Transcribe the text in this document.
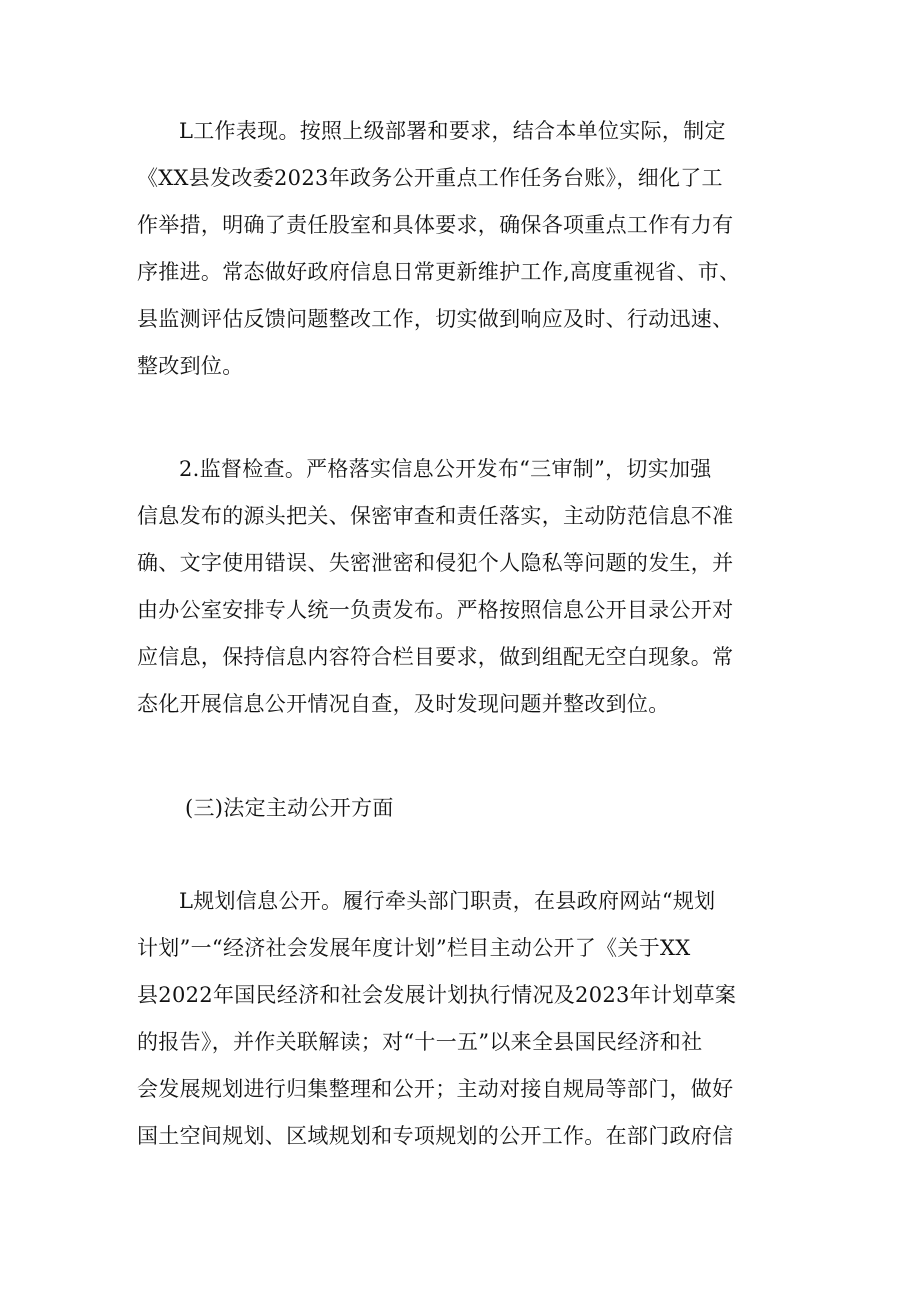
L工作表现。按照上级部署和要求，结合本单位实际，制定
《XX县发改委2023年政务公开重点工作任务台账》，细化了工
作举措，明确了责任股室和具体要求，确保各项重点工作有力有
序推进。常态做好政府信息日常更新维护工作,高度重视省、市、
县监测评估反馈问题整改工作，切实做到响应及时、行动迅速、
整改到位。

2.监督检查。严格落实信息公开发布“三审制”，切实加强
信息发布的源头把关、保密审查和责任落实，主动防范信息不准
确、文字使用错误、失密泄密和侵犯个人隐私等问题的发生，并
由办公室安排专人统一负责发布。严格按照信息公开目录公开对
应信息，保持信息内容符合栏目要求，做到组配无空白现象。常
态化开展信息公开情况自查，及时发现问题并整改到位。

(三)法定主动公开方面

L规划信息公开。履行牵头部门职责，在县政府网站“规划
计划”一“经济社会发展年度计划”栏目主动公开了《关于XX
县2022年国民经济和社会发展计划执行情况及2023年计划草案
的报告》，并作关联解读；对“十一五”以来全县国民经济和社
会发展规划进行归集整理和公开；主动对接自规局等部门，做好
国土空间规划、区域规划和专项规划的公开工作。在部门政府信
